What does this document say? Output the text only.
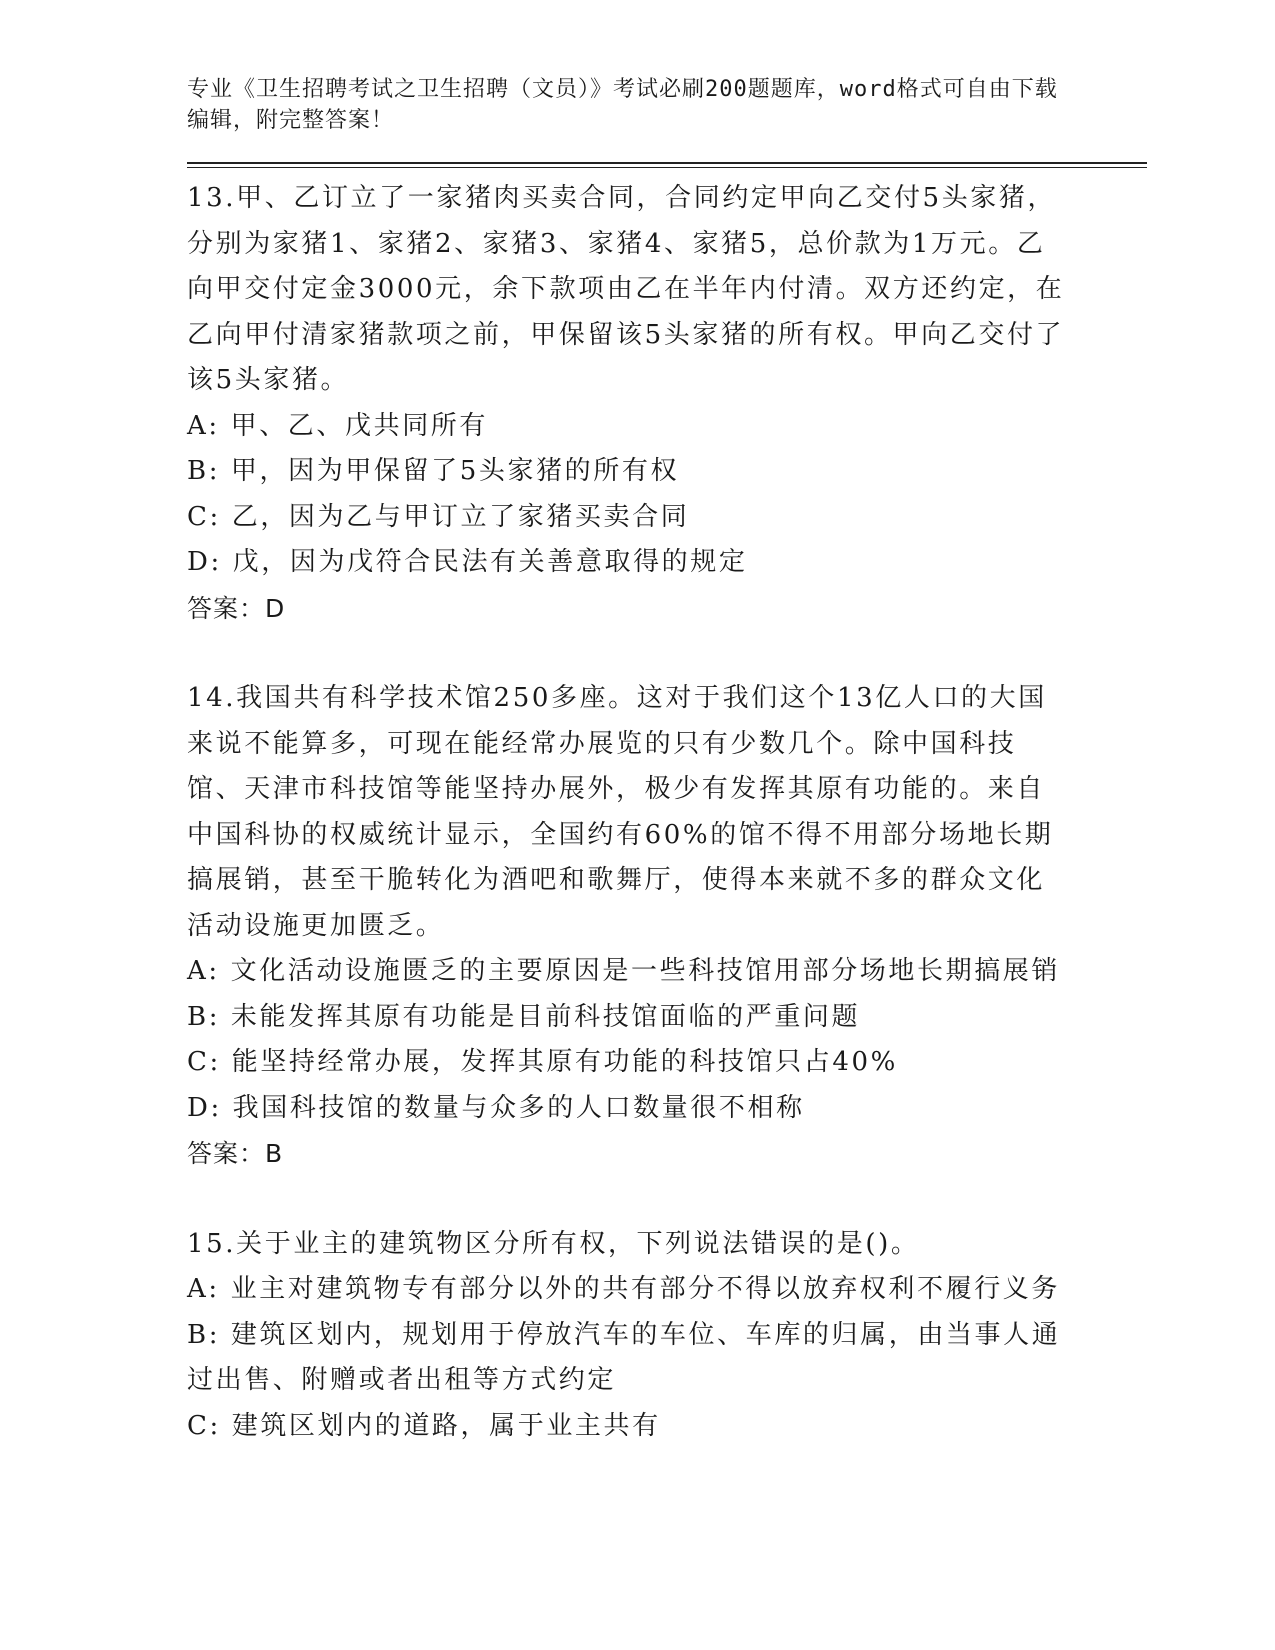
专业《卫生招聘考试之卫生招聘（文员）》考试必刷200题题库，word格式可自由下载编辑，附完整答案！

13.甲、乙订立了一家猪肉买卖合同，合同约定甲向乙交付5头家猪，分别为家猪1、家猪2、家猪3、家猪4、家猪5，总价款为1万元。乙向甲交付定金3000元，余下款项由乙在半年内付清。双方还约定，在乙向甲付清家猪款项之前，甲保留该5头家猪的所有权。甲向乙交付了该5头家猪。

A: 甲、乙、戊共同所有

B: 甲，因为甲保留了5头家猪的所有权

C: 乙，因为乙与甲订立了家猪买卖合同

D: 戊，因为戊符合民法有关善意取得的规定

答案：D

14.我国共有科学技术馆250多座。这对于我们这个13亿人口的大国来说不能算多，可现在能经常办展览的只有少数几个。除中国科技馆、天津市科技馆等能坚持办展外，极少有发挥其原有功能的。来自中国科协的权威统计显示，全国约有60%的馆不得不用部分场地长期搞展销，甚至干脆转化为酒吧和歌舞厅，使得本来就不多的群众文化活动设施更加匮乏。

A: 文化活动设施匮乏的主要原因是一些科技馆用部分场地长期搞展销

B: 未能发挥其原有功能是目前科技馆面临的严重问题

C: 能坚持经常办展，发挥其原有功能的科技馆只占40%

D: 我国科技馆的数量与众多的人口数量很不相称

答案：B

15.关于业主的建筑物区分所有权，下列说法错误的是()。

A: 业主对建筑物专有部分以外的共有部分不得以放弃权利不履行义务

B: 建筑区划内，规划用于停放汽车的车位、车库的归属，由当事人通过出售、附赠或者出租等方式约定

C: 建筑区划内的道路，属于业主共有
